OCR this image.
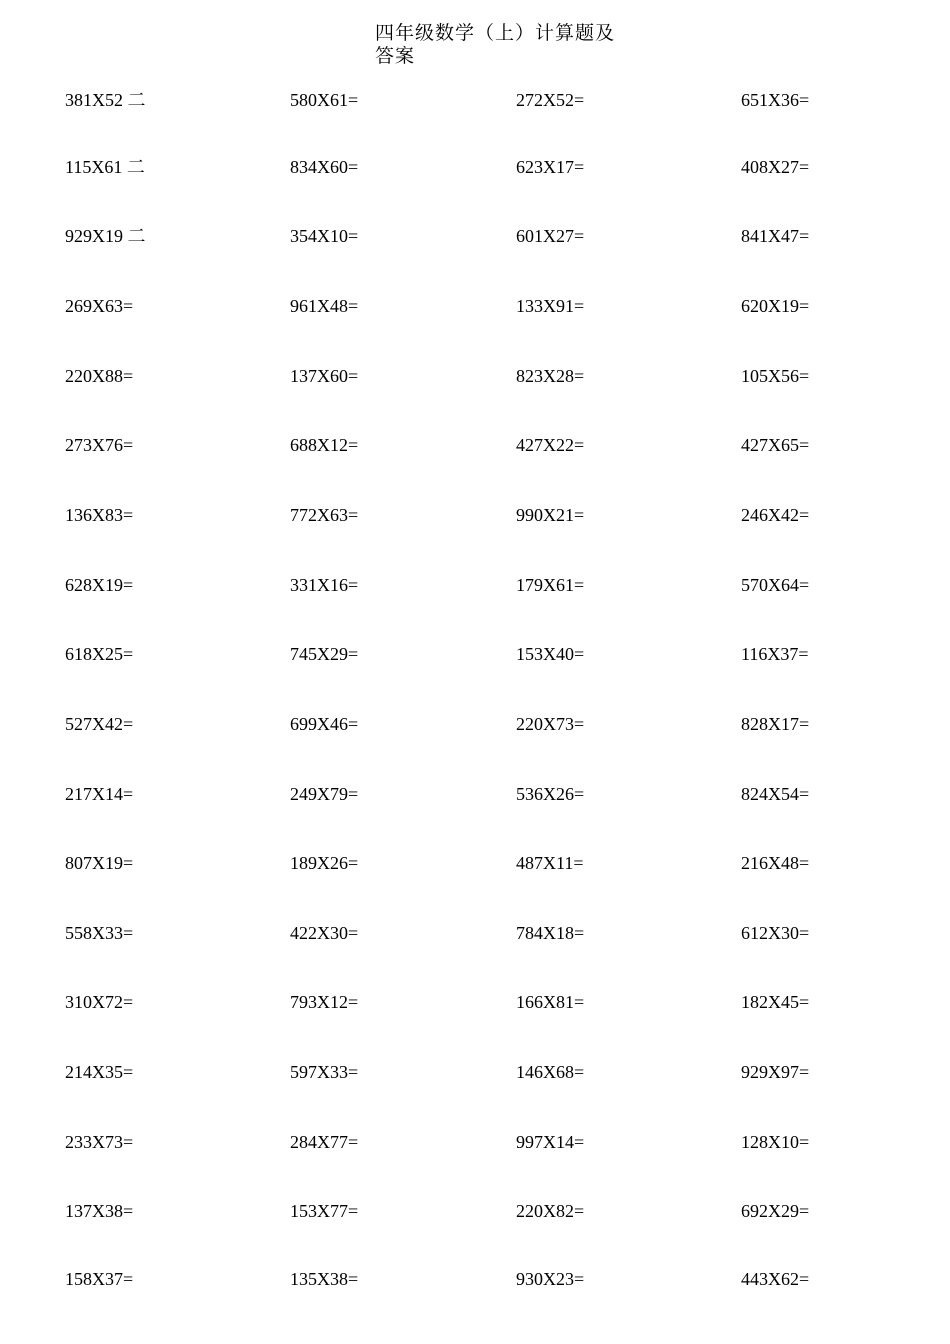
四年级数学（上）计算题及答案
381X52 二	580X61=	272X52=	651X36=
115X61 二	834X60=	623X17=	408X27=
929X19 二	354X10=	601X27=	841X47=
269X63=	961X48=	133X91=	620X19=
220X88=	137X60=	823X28=	105X56=
273X76=	688X12=	427X22=	427X65=
136X83=	772X63=	990X21=	246X42=
628X19=	331X16=	179X61=	570X64=
618X25=	745X29=	153X40=	116X37=
527X42=	699X46=	220X73=	828X17=
217X14=	249X79=	536X26=	824X54=
807X19=	189X26=	487X11=	216X48=
558X33=	422X30=	784X18=	612X30=
310X72=	793X12=	166X81=	182X45=
214X35=	597X33=	146X68=	929X97=
233X73=	284X77=	997X14=	128X10=
137X38=	153X77=	220X82=	692X29=
158X37=	135X38=	930X23=	443X62=
